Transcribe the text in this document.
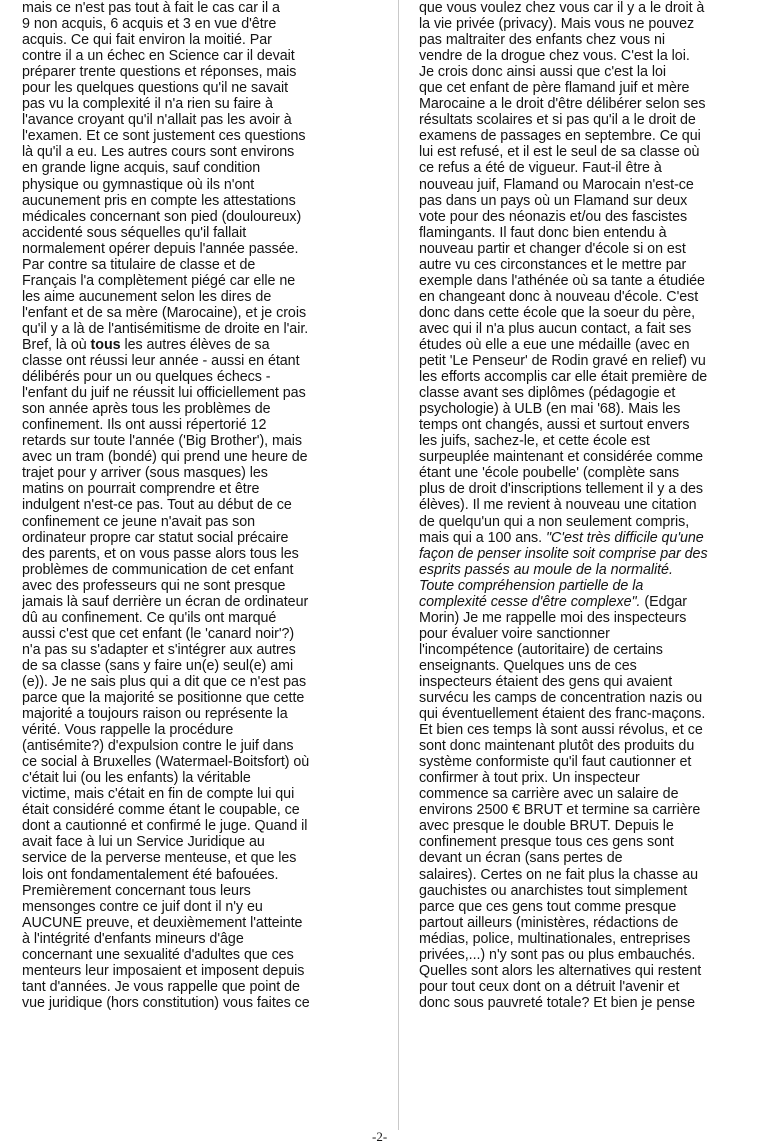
mais ce n'est pas tout à fait le cas car il a
9 non acquis, 6 acquis et 3 en vue d'être
acquis. Ce qui fait environ la moitié. Par
contre il a un échec en Science car il devait
préparer trente questions et réponses, mais
pour les quelques questions qu'il ne savait
pas vu la complexité il n'a rien su faire à
l'avance croyant qu'il n'allait pas les avoir à
l'examen. Et ce sont justement ces questions
là qu'il a eu. Les autres cours sont environs
en grande ligne acquis, sauf condition
physique ou gymnastique où ils n'ont
aucunement pris en compte les attestations
médicales concernant son pied (douloureux)
accidenté sous séquelles qu'il fallait
normalement opérer depuis l'année passée.
Par contre sa titulaire de classe et de
Français l'a complètement piégé car elle ne
les aime aucunement selon les dires de
l'enfant et de sa mère (Marocaine), et je crois
qu'il y a là de l'antisémitisme de droite en l'air.
Bref, là où tous les autres élèves de sa
classe ont réussi leur année - aussi en étant
délibérés pour un ou quelques échecs -
l'enfant du juif ne réussit lui officiellement pas
son année après tous les problèmes de
confinement. Ils ont aussi répertorié 12
retards sur toute l'année ('Big Brother'), mais
avec un tram (bondé) qui prend une heure de
trajet pour y arriver (sous masques) les
matins on pourrait comprendre et être
indulgent n'est-ce pas. Tout au début de ce
confinement ce jeune n'avait pas son
ordinateur propre car statut social précaire
des parents, et on vous passe alors tous les
problèmes de communication de cet enfant
avec des professeurs qui ne sont presque
jamais là sauf derrière un écran de ordinateur
dû au confinement. Ce qu'ils ont marqué
aussi c'est que cet enfant (le 'canard noir'?)
n'a pas su s'adapter et s'intégrer aux autres
de sa classe (sans y faire un(e) seul(e) ami
(e)). Je ne sais plus qui a dit que ce n'est pas
parce que la majorité se positionne que cette
majorité a toujours raison ou représente la
vérité. Vous rappelle la procédure
(antisémite?) d'expulsion contre le juif dans
ce social à Bruxelles (Watermael-Boitsfort) où
c'était lui (ou les enfants) la véritable
victime, mais c'était en fin de compte lui qui
était considéré comme étant le coupable, ce
dont a cautionné et confirmé le juge. Quand il
avait face à lui un Service Juridique au
service de la perverse menteuse, et que les
lois ont fondamentalement été bafouées.
Premièrement concernant tous leurs
mensonges contre ce juif dont il n'y eu
AUCUNE preuve, et deuxièmement l'atteinte
à l'intégrité d'enfants mineurs d'âge
concernant une sexualité d'adultes que ces
menteurs leur imposaient et imposent depuis
tant d'années. Je vous rappelle que point de
vue juridique (hors constitution) vous faites ce
que vous voulez chez vous car il y a le droit à
la vie privée (privacy). Mais vous ne pouvez
pas maltraiter des enfants chez vous ni
vendre de la drogue chez vous. C'est la loi.
Je crois donc ainsi aussi que c'est la loi
que cet enfant de père flamand juif et mère
Marocaine a le droit d'être délibérer selon ses
résultats scolaires et si pas qu'il a le droit de
examens de passages en septembre. Ce qui
lui est refusé, et il est le seul de sa classe où
ce refus a été de vigueur. Faut-il être à
nouveau juif, Flamand ou Marocain n'est-ce
pas dans un pays où un Flamand sur deux
vote pour des néonazis et/ou des fascistes
flamingants. Il faut donc bien entendu à
nouveau partir et changer d'école si on est
autre vu ces circonstances et le mettre par
exemple dans l'athénée où sa tante a étudiée
en changeant donc à nouveau d'école. C'est
donc dans cette école que la soeur du père,
avec qui il n'a plus aucun contact, a fait ses
études où elle a eue une médaille (avec en
petit 'Le Penseur' de Rodin gravé en relief) vu
les efforts accomplis car elle était première de
classe avant ses diplômes (pédagogie et
psychologie) à ULB (en mai '68). Mais les
temps ont changés, aussi et surtout envers
les juifs, sachez-le, et cette école est
surpeuplée maintenant et considérée comme
étant une 'école poubelle' (complète sans
plus de droit d'inscriptions tellement il y a des
élèves). Il me revient à nouveau une citation
de quelqu'un qui a non seulement compris,
mais qui a 100 ans. "C'est très difficile qu'une
façon de penser insolite soit comprise par des
esprits passés au moule de la normalité.
Toute compréhension partielle de la
complexité cesse d'être complexe". (Edgar
Morin) Je me rappelle moi des inspecteurs
pour évaluer voire sanctionner
l'incompétence (autoritaire) de certains
enseignants. Quelques uns de ces
inspecteurs étaient des gens qui avaient
survécu les camps de concentration nazis ou
qui éventuellement étaient des franc-maçons.
Et bien ces temps là sont aussi révolus, et ce
sont donc maintenant plutôt des produits du
système conformiste qu'il faut cautionner et
confirmer à tout prix. Un inspecteur
commence sa carrière avec un salaire de
environs 2500 € BRUT et termine sa carrière
avec presque le double BRUT. Depuis le
confinement presque tous ces gens sont
devant un écran (sans pertes de
salaires). Certes on ne fait plus la chasse au
gauchistes ou anarchistes tout simplement
parce que ces gens tout comme presque
partout ailleurs (ministères, rédactions de
médias, police, multinationales, entreprises
privées,...) n'y sont pas ou plus embauchés.
Quelles sont alors les alternatives qui restent
pour tout ceux dont on a détruit l'avenir et
donc sous pauvreté totale? Et bien je pense
-2-
